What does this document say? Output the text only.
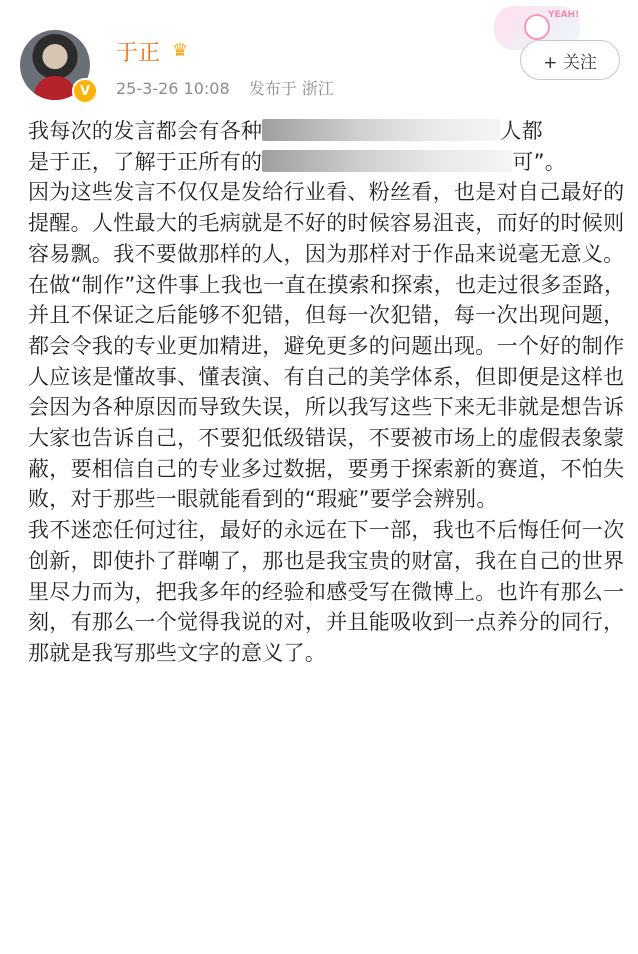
V
于正 ♛
25-3-26 10:08 发布于 浙江
YEAH!
+ 关注

我每次的发言都会有各种	人都

是于正，了解于正所有的	可”。

因为这些发言不仅仅是发给行业看、粉丝看，也是对自己最好的提醒。人性最大的毛病就是不好的时候容易沮丧，而好的时候则容易飘。我不要做那样的人，因为那样对于作品来说毫无意义。

在做“制作”这件事上我也一直在摸索和探索，也走过很多歪路，并且不保证之后能够不犯错，但每一次犯错，每一次出现问题，都会令我的专业更加精进，避免更多的问题出现。一个好的制作人应该是懂故事、懂表演、有自己的美学体系，但即便是这样也会因为各种原因而导致失误，所以我写这些下来无非就是想告诉大家也告诉自己，不要犯低级错误，不要被市场上的虚假表象蒙蔽，要相信自己的专业多过数据，要勇于探索新的赛道，不怕失败，对于那些一眼就能看到的“瑕疵”要学会辨别。

我不迷恋任何过往，最好的永远在下一部，我也不后悔任何一次创新，即使扑了群嘲了，那也是我宝贵的财富，我在自己的世界里尽力而为，把我多年的经验和感受写在微博上。也许有那么一刻，有那么一个觉得我说的对，并且能吸收到一点养分的同行，那就是我写那些文字的意义了。
